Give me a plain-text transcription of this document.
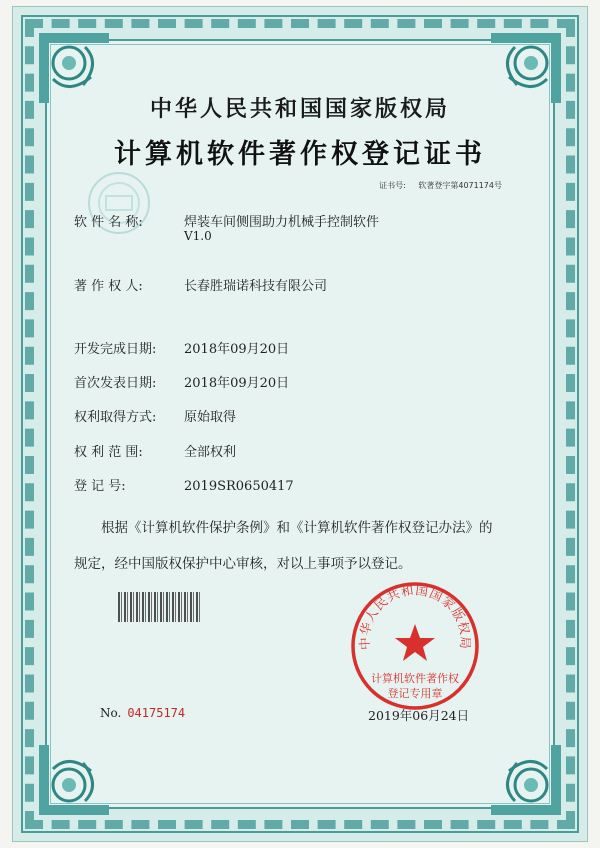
中华人民共和国国家版权局
计算机软件著作权登记证书
证书号: 软著登字第4071174号
软 件 名 称:	焊装车间侧围助力机械手控制软件
V1.0
著 作 权 人:	长春胜瑞诺科技有限公司
开发完成日期: 2018年09月20日
首次发表日期: 2018年09月20日
权利取得方式: 原始取得
权 利 范 围:	全部权利
登 记 号:	2019SR0650417
根据《计算机软件保护条例》和《计算机软件著作权登记办法》的
规定，经中国版权保护中心审核，对以上事项予以登记。
中华人民共和国国家版权局
计算机软件著作权
登记专用章
No. 04175174	2019年06月24日
